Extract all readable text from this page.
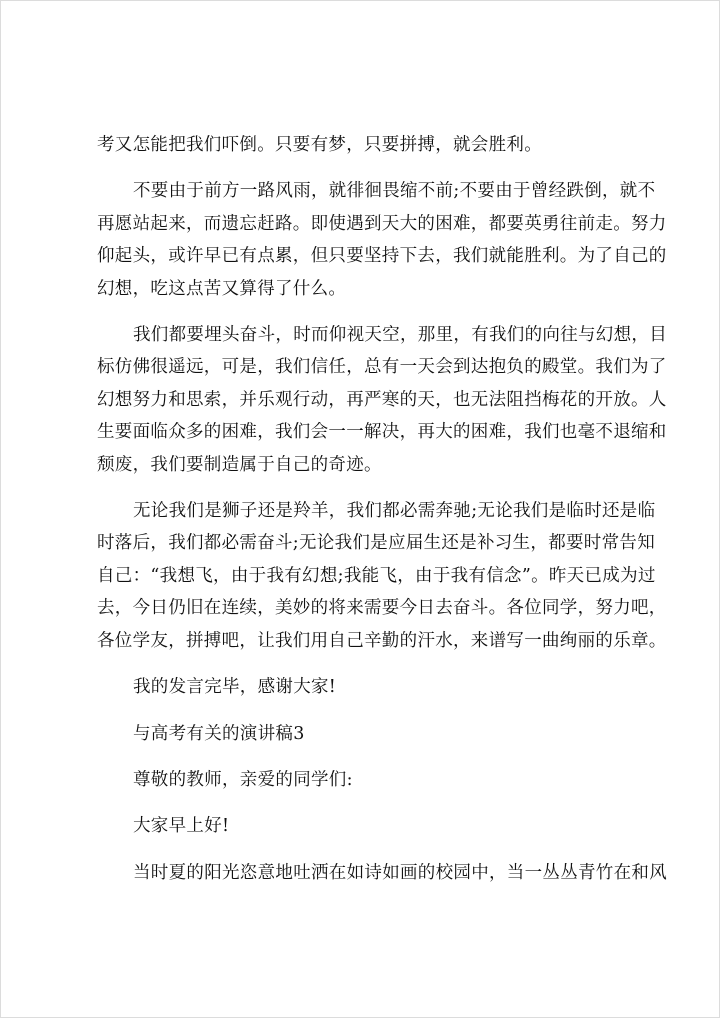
考又怎能把我们吓倒。只要有梦，只要拼搏，就会胜利。
不要由于前方一路风雨，就徘徊畏缩不前;不要由于曾经跌倒，就不
再愿站起来，而遗忘赶路。即使遇到天大的困难，都要英勇往前走。努力
仰起头，或许早已有点累，但只要坚持下去，我们就能胜利。为了自己的
幻想，吃这点苦又算得了什么。
我们都要埋头奋斗，时而仰视天空，那里，有我们的向往与幻想，目
标仿佛很遥远，可是，我们信任，总有一天会到达抱负的殿堂。我们为了
幻想努力和思索，并乐观行动，再严寒的天，也无法阻挡梅花的开放。人
生要面临众多的困难，我们会一一解决，再大的困难，我们也毫不退缩和
颓废，我们要制造属于自己的奇迹。
无论我们是狮子还是羚羊，我们都必需奔驰;无论我们是临时还是临
时落后，我们都必需奋斗;无论我们是应届生还是补习生，都要时常告知
自己：“我想飞，由于我有幻想;我能飞，由于我有信念”。昨天已成为过
去，今日仍旧在连续，美妙的将来需要今日去奋斗。各位同学，努力吧，
各位学友，拼搏吧，让我们用自己辛勤的汗水，来谱写一曲绚丽的乐章。
我的发言完毕，感谢大家!
与高考有关的演讲稿3
尊敬的教师，亲爱的同学们:
大家早上好!
当时夏的阳光恣意地吐洒在如诗如画的校园中，当一丛丛青竹在和风
